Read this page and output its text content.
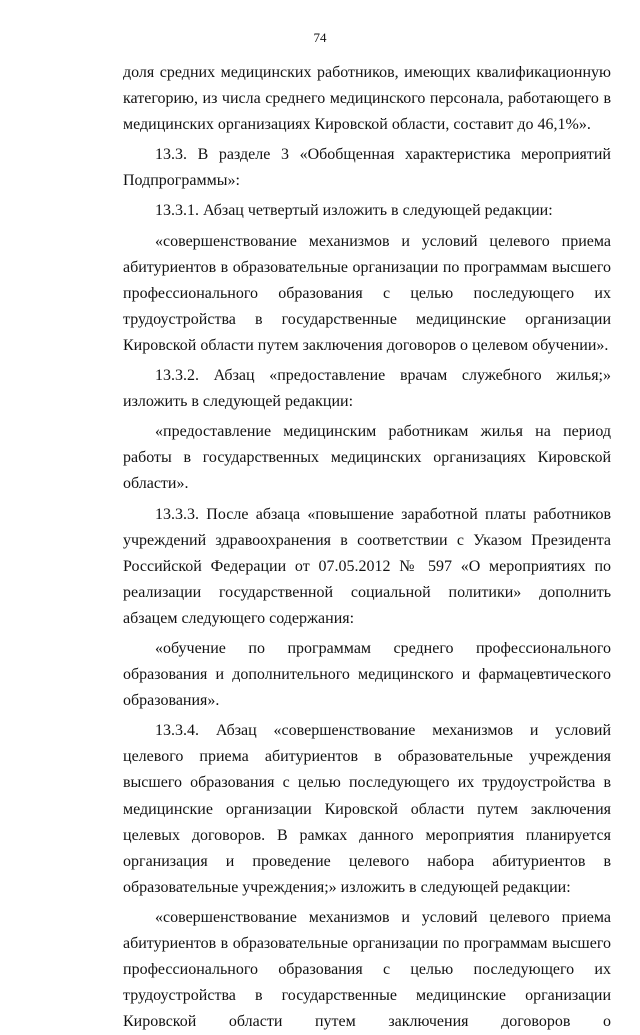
74

доля средних медицинских работников, имеющих квалификационную категорию, из числа среднего медицинского персонала, работающего в медицинских организациях Кировской области, составит до 46,1%».

13.3. В разделе 3 «Обобщенная характеристика мероприятий Подпрограммы»:

13.3.1. Абзац четвертый изложить в следующей редакции:

«совершенствование механизмов и условий целевого приема абитуриентов в образовательные организации по программам высшего профессионального образования с целью последующего их трудоустройства в государственные медицинские организации Кировской области путем заключения договоров о целевом обучении».

13.3.2. Абзац «предоставление врачам служебного жилья;» изложить в следующей редакции:

«предоставление медицинским работникам жилья на период работы в государственных медицинских организациях Кировской области».

13.3.3. После абзаца «повышение заработной платы работников учреждений здравоохранения в соответствии с Указом Президента Российской Федерации от 07.05.2012 № 597 «О мероприятиях по реализации государственной социальной политики» дополнить абзацем следующего содержания:

«обучение по программам среднего профессионального образования и дополнительного медицинского и фармацевтического образования».

13.3.4. Абзац «совершенствование механизмов и условий целевого приема абитуриентов в образовательные учреждения высшего образования с целью последующего их трудоустройства в медицинские организации Кировской области путем заключения целевых договоров. В рамках данного мероприятия планируется организация и проведение целевого набора абитуриентов в образовательные учреждения;» изложить в следующей редакции:

«совершенствование механизмов и условий целевого приема абитуриентов в образовательные организации по программам высшего профессионального образования с целью последующего их трудоустройства в государственные медицинские организации Кировской области путем заключения договоров о
